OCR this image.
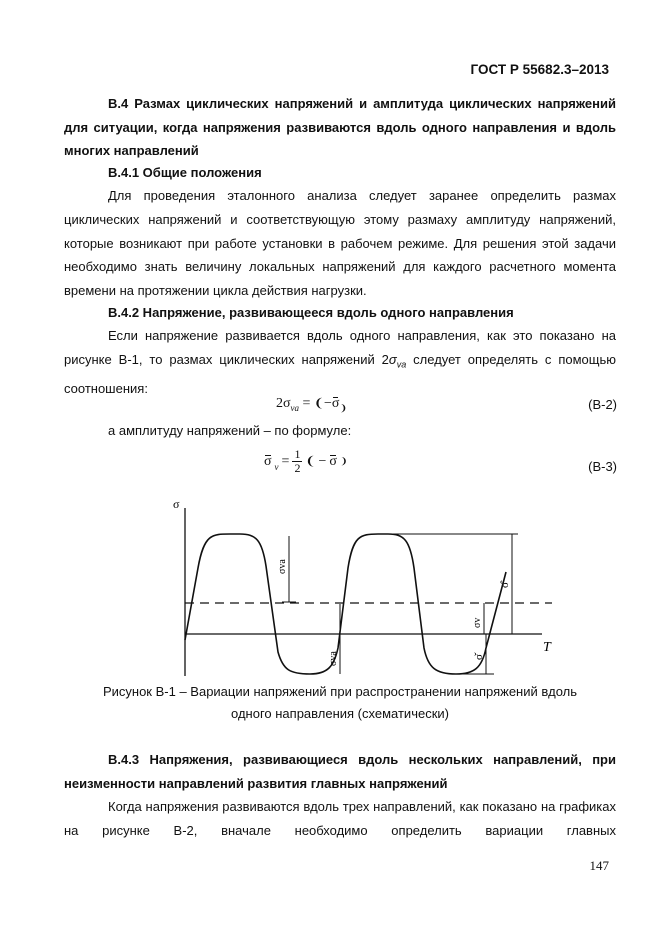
ГОСТ Р 55682.3–2013
В.4 Размах циклических напряжений и амплитуда циклических напряжений для ситуации, когда напряжения развиваются вдоль одного направления и вдоль многих направлений
В.4.1 Общие положения
Для проведения эталонного анализа следует заранее определить размах циклических напряжений и соответствующую этому размаху амплитуду напряжений, которые возникают при работе установки в рабочем режиме. Для решения этой задачи необходимо знать величину локальных напряжений для каждого расчетного момента времени на протяжении цикла действия нагрузки.
В.4.2 Напряжение, развивающееся вдоль одного направления
Если напряжение развивается вдоль одного направления, как это показано на рисунке В-1, то размах циклических напряжений $2\sigma_{va}$ следует определять с помощью соотношения:
$2\sigma_{va}$ = $❨-\sigma_❩$	(В-2)
а амплитуду напряжений – по формуле:
σ $_v = \frac{1}{2}$ ❨ − σ ❩	(В-3)
σ
T
σva
σva
σ̂
σv
σ̌
Рисунок В-1 – Вариации напряжений при распространении напряжений вдоль
одного направления (схематически)
В.4.3 Напряжения, развивающиеся вдоль нескольких направлений, при неизменности направлений развития главных напряжений
Когда напряжения развиваются вдоль трех направлений, как показано на графиках на рисунке В-2, вначале необходимо определить вариации главных
147
